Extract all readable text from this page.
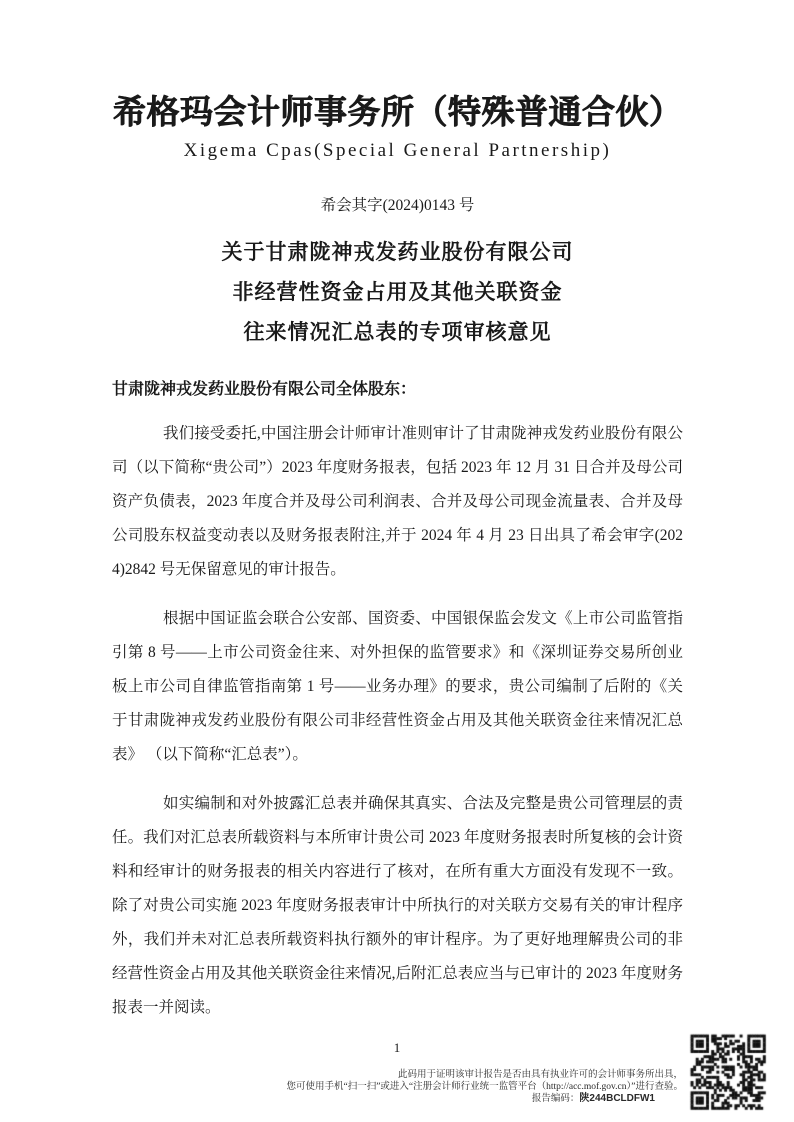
希格玛会计师事务所（特殊普通合伙）
Xigema Cpas(Special General Partnership)
希会其字(2024)0143 号
关于甘肃陇神戎发药业股份有限公司
非经营性资金占用及其他关联资金
往来情况汇总表的专项审核意见
甘肃陇神戎发药业股份有限公司全体股东：

我们接受委托,中国注册会计师审计准则审计了甘肃陇神戎发药业股份有限公司（以下简称“贵公司”）2023 年度财务报表，包括 2023 年 12 月 31 日合并及母公司资产负债表，2023 年度合并及母公司利润表、合并及母公司现金流量表、合并及母公司股东权益变动表以及财务报表附注,并于 2024 年 4 月 23 日出具了希会审字(2024)2842 号无保留意见的审计报告。

根据中国证监会联合公安部、国资委、中国银保监会发文《上市公司监管指引第 8 号——上市公司资金往来、对外担保的监管要求》和《深圳证券交易所创业板上市公司自律监管指南第 1 号——业务办理》的要求，贵公司编制了后附的《关于甘肃陇神戎发药业股份有限公司非经营性资金占用及其他关联资金往来情况汇总表》 （以下简称“汇总表”）。

如实编制和对外披露汇总表并确保其真实、合法及完整是贵公司管理层的责任。我们对汇总表所载资料与本所审计贵公司 2023 年度财务报表时所复核的会计资料和经审计的财务报表的相关内容进行了核对，在所有重大方面没有发现不一致。除了对贵公司实施 2023 年度财务报表审计中所执行的对关联方交易有关的审计程序外，我们并未对汇总表所载资料执行额外的审计程序。为了更好地理解贵公司的非经营性资金占用及其他关联资金往来情况,后附汇总表应当与已审计的 2023 年度财务报表一并阅读。

1
此码用于证明该审计报告是否由具有执业许可的会计师事务所出具，
您可使用手机“扫一扫”或进入“注册会计师行业统一监管平台（http://acc.mof.gov.cn）”进行查验。
报告编码：陕244BCLDFW1
